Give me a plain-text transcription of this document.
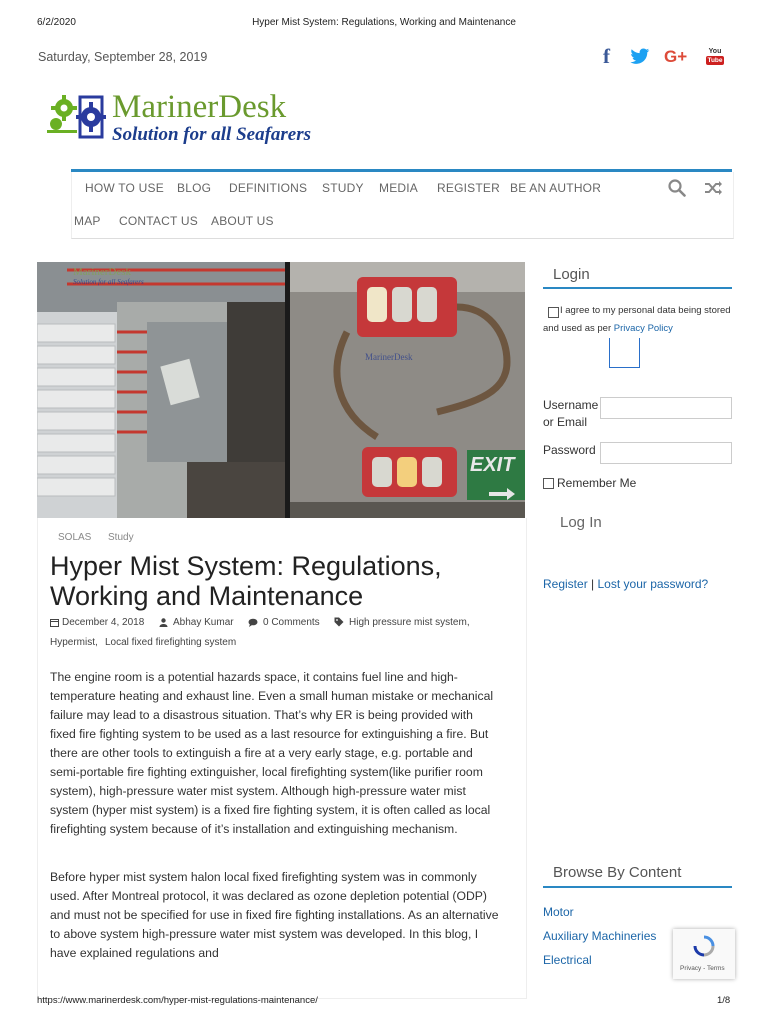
6/2/2020	Hyper Mist System: Regulations, Working and Maintenance
Saturday, September 28, 2019	f	G+	You
Tube
MarinerDesk
Solution for all Seafarers
HOW TO USE BLOG DEFINITIONS STUDY MEDIA REGISTER BE AN AUTHOR
MAP CONTACT US ABOUT US
MarinerDesk
Solution for all Seafarers
MarinerDesk
EXIT
SOLAS Study
Hyper Mist System: Regulations, Working and Maintenance
December 4, 2018	Abhay Kumar	0 Comments	High pressure mist system,
Hypermist, Local fixed firefighting system
The engine room is a potential hazards space, it contains fuel line and high-temperature heating and exhaust line. Even a small human mistake or mechanical failure may lead to a disastrous situation. That’s why ER is being provided with fixed fire fighting system to be used as a last resource for extinguishing a fire. But there are other tools to extinguish a fire at a very early stage, e.g. portable and semi-portable fire fighting extinguisher, local firefighting system(like purifier room system), high-pressure water mist system. Although high-pressure water mist system (hyper mist system) is a fixed fire fighting system, it is often called as local firefighting system because of it’s installation and extinguishing mechanism.
Before hyper mist system halon local fixed firefighting system was in commonly used. After Montreal protocol, it was declared as ozone depletion potential (ODP) and must not be specified for use in fixed fire fighting installations. As an alternative to above system high-pressure water mist system was developed. In this blog, I have explained regulations and
Login
I agree to my personal data being stored and used as per Privacy Policy
Username or Email
Password
Remember Me
Log In
Register | Lost your password?
Browse By Content
Motor
Auxiliary Machineries
Electrical
Privacy - Terms
https://www.marinerdesk.com/hyper-mist-regulations-maintenance/	1/8
